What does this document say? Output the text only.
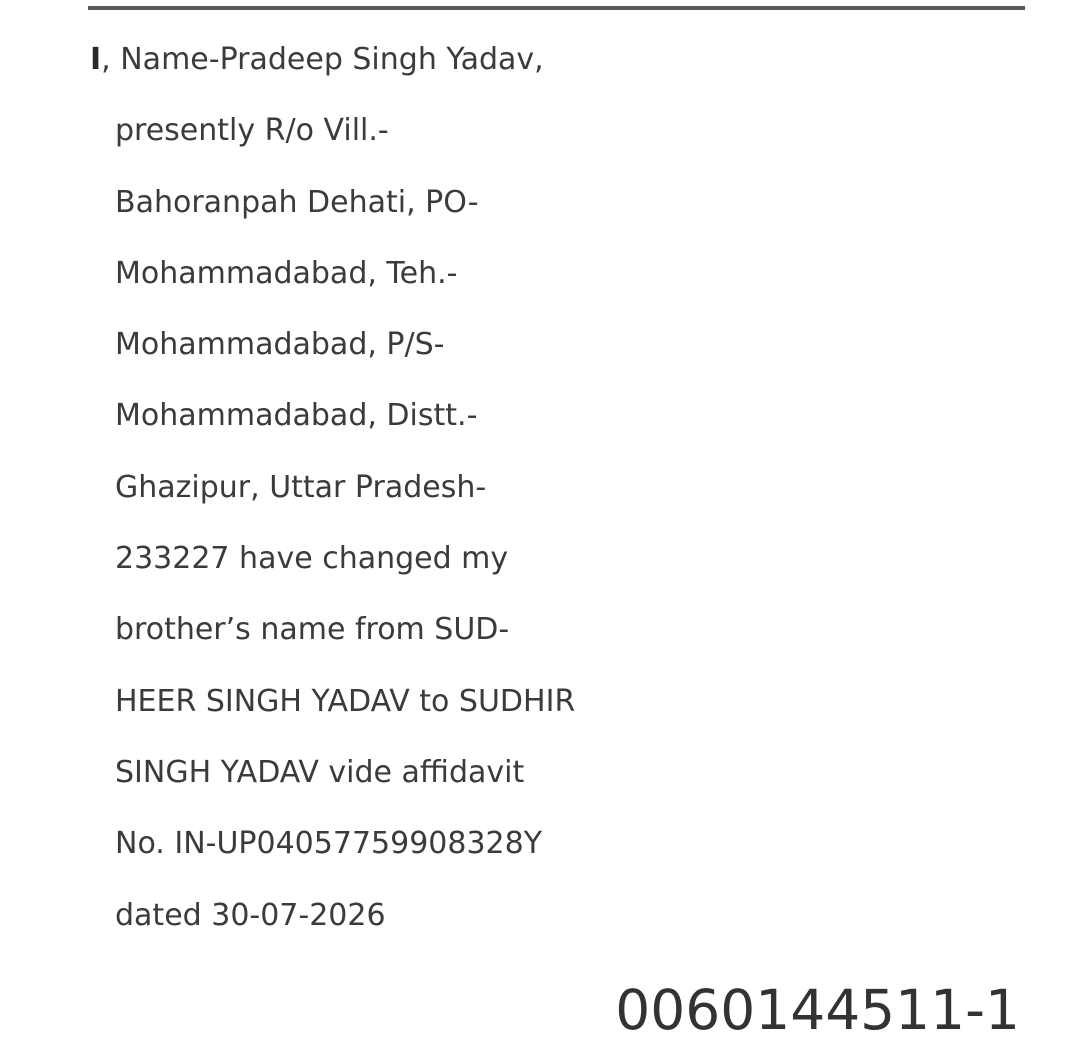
I, Name-Pradeep Singh Yadav,
presently R/o Vill.-
Bahoranpah Dehati, PO-
Mohammadabad, Teh.-
Mohammadabad, P/S-
Mohammadabad, Distt.-
Ghazipur, Uttar Pradesh-
233227 have changed my
brother’s name from SUD-
HEER SINGH YADAV to SUDHIR
SINGH YADAV vide affidavit
No. IN-UP04057759908328Y
dated 30-07-2026
0060144511-1
